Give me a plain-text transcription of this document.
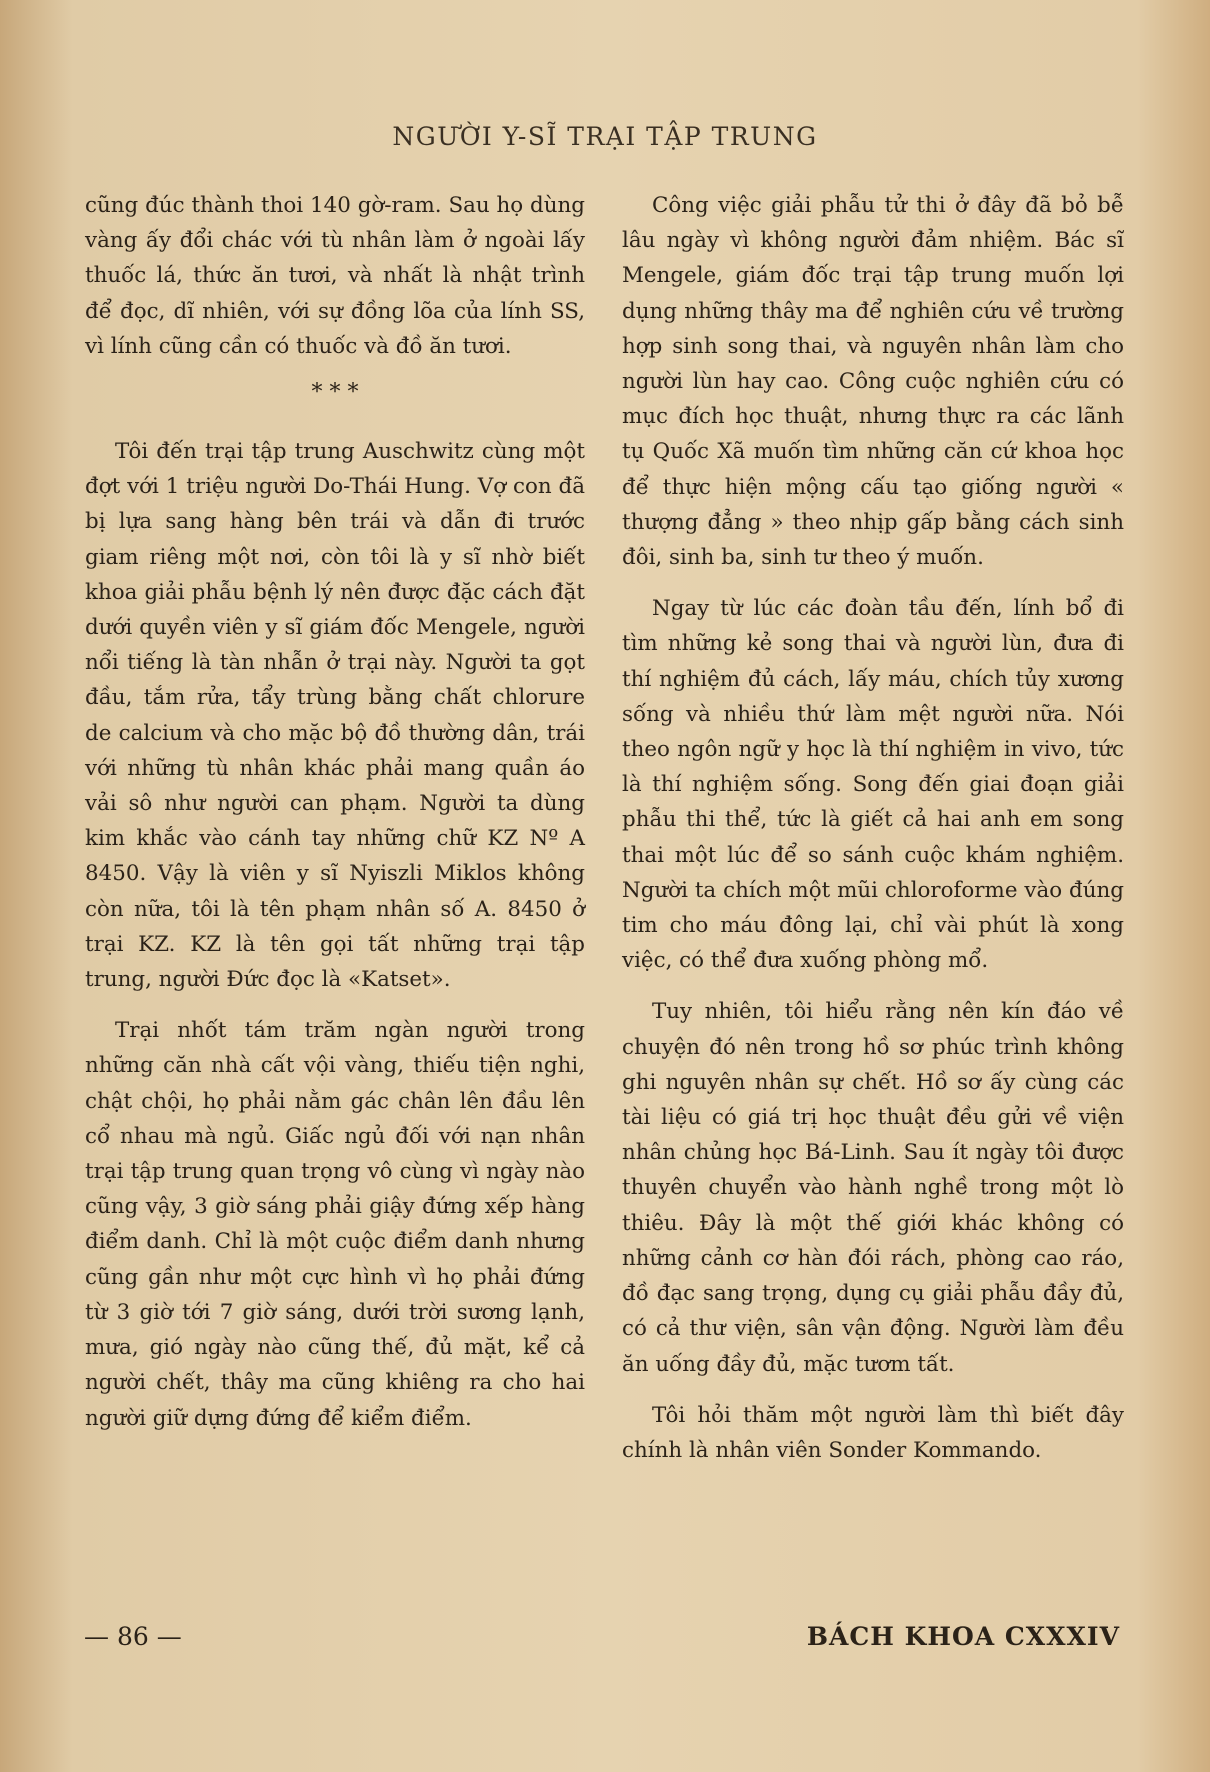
NGƯỜI Y-SĨ TRẠI TẬP TRUNG

cũng đúc thành thoi 140 gờ-ram. Sau họ dùng vàng ấy đổi chác với tù nhân làm ở ngoài lấy thuốc lá, thức ăn tươi, và nhất là nhật trình để đọc, dĩ nhiên, với sự đồng lõa của lính SS, vì lính cũng cần có thuốc và đồ ăn tươi.

* * *

Tôi đến trại tập trung Auschwitz cùng một đợt với 1 triệu người Do-Thái Hung. Vợ con đã bị lựa sang hàng bên trái và dẫn đi trước giam riêng một nơi, còn tôi là y sĩ nhờ biết khoa giải phẫu bệnh lý nên được đặc cách đặt dưới quyền viên y sĩ giám đốc Mengele, người nổi tiếng là tàn nhẫn ở trại này. Người ta gọt đầu, tắm rửa, tẩy trùng bằng chất chlorure de calcium và cho mặc bộ đồ thường dân, trái với những tù nhân khác phải mang quần áo vải sô như người can phạm. Người ta dùng kim khắc vào cánh tay những chữ KZ Nº A 8450. Vậy là viên y sĩ Nyiszli Miklos không còn nữa, tôi là tên phạm nhân số A. 8450 ở trại KZ. KZ là tên gọi tất những trại tập trung, người Đức đọc là «Katset».

Trại nhốt tám trăm ngàn người trong những căn nhà cất vội vàng, thiếu tiện nghi, chật chội, họ phải nằm gác chân lên đầu lên cổ nhau mà ngủ. Giấc ngủ đối với nạn nhân trại tập trung quan trọng vô cùng vì ngày nào cũng vậy, 3 giờ sáng phải giậy đứng xếp hàng điểm danh. Chỉ là một cuộc điểm danh nhưng cũng gần như một cực hình vì họ phải đứng từ 3 giờ tới 7 giờ sáng, dưới trời sương lạnh, mưa, gió ngày nào cũng thế, đủ mặt, kể cả người chết, thây ma cũng khiêng ra cho hai người giữ dựng đứng để kiểm điểm.

Công việc giải phẫu tử thi ở đây đã bỏ bễ lâu ngày vì không người đảm nhiệm. Bác sĩ Mengele, giám đốc trại tập trung muốn lợi dụng những thây ma để nghiên cứu về trường hợp sinh song thai, và nguyên nhân làm cho người lùn hay cao. Công cuộc nghiên cứu có mục đích học thuật, nhưng thực ra các lãnh tụ Quốc Xã muốn tìm những căn cứ khoa học để thực hiện mộng cấu tạo giống người « thượng đẳng » theo nhịp gấp bằng cách sinh đôi, sinh ba, sinh tư theo ý muốn.

Ngay từ lúc các đoàn tầu đến, lính bổ đi tìm những kẻ song thai và người lùn, đưa đi thí nghiệm đủ cách, lấy máu, chích tủy xương sống và nhiều thứ làm mệt người nữa. Nói theo ngôn ngữ y học là thí nghiệm in vivo, tức là thí nghiệm sống. Song đến giai đoạn giải phẫu thi thể, tức là giết cả hai anh em song thai một lúc để so sánh cuộc khám nghiệm. Người ta chích một mũi chloroforme vào đúng tim cho máu đông lại, chỉ vài phút là xong việc, có thể đưa xuống phòng mổ.

Tuy nhiên, tôi hiểu rằng nên kín đáo về chuyện đó nên trong hồ sơ phúc trình không ghi nguyên nhân sự chết. Hồ sơ ấy cùng các tài liệu có giá trị học thuật đều gửi về viện nhân chủng học Bá-Linh. Sau ít ngày tôi được thuyên chuyển vào hành nghề trong một lò thiêu. Đây là một thế giới khác không có những cảnh cơ hàn đói rách, phòng cao ráo, đồ đạc sang trọng, dụng cụ giải phẫu đầy đủ, có cả thư viện, sân vận động. Người làm đều ăn uống đầy đủ, mặc tươm tất.

Tôi hỏi thăm một người làm thì biết đây chính là nhân viên Sonder Kommando.

— 86 —	BÁCH KHOA CXXXIV
